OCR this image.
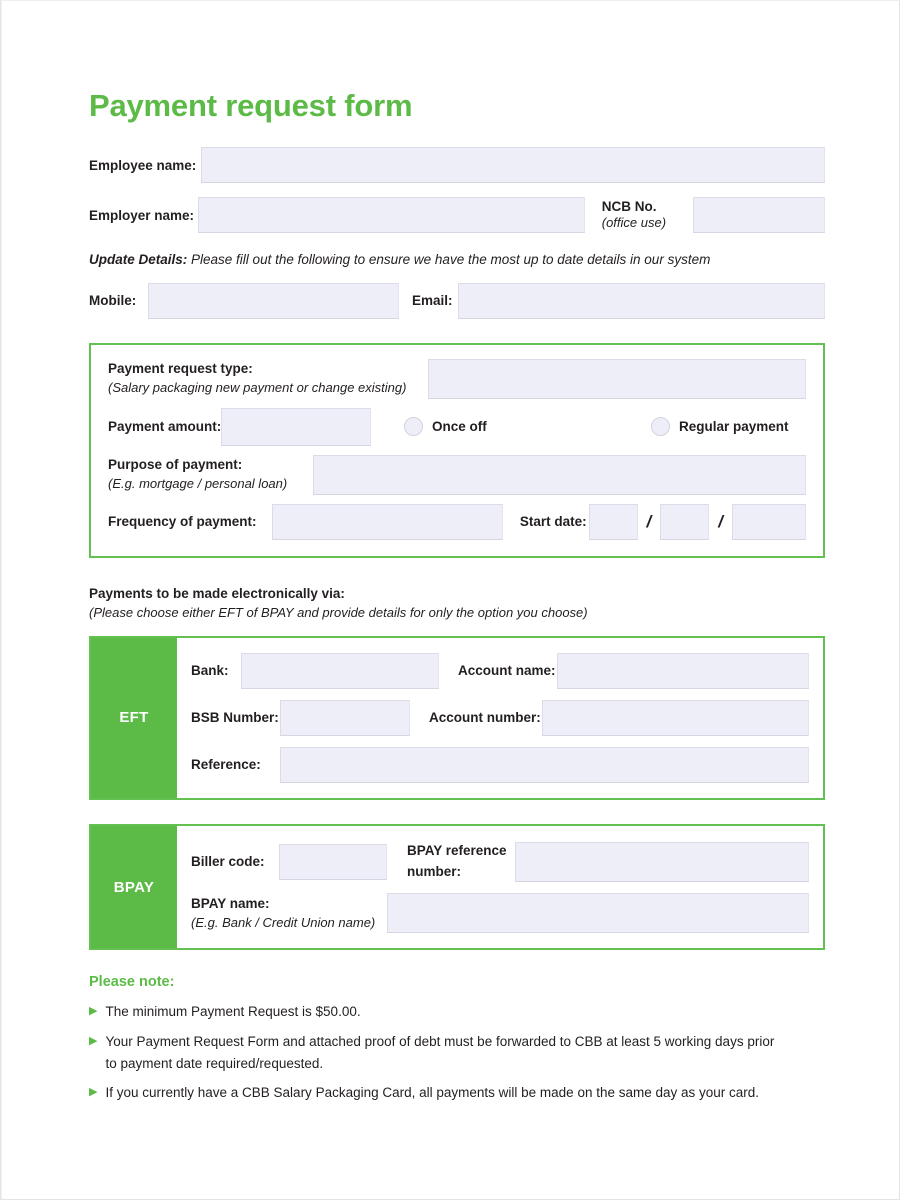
Payment request form
Employee name:
Employer name:
NCB No.
(office use)

Update Details: Please fill out the following to ensure we have the most up to date details in our system

Mobile:	Email:
Payment request type:
(Salary packaging new payment or change existing)
Payment amount:	Once off	Regular payment
Purpose of payment:
(E.g. mortgage / personal loan)
Frequency of payment:	Start date:	/	/

Payments to be made electronically via:

(Please choose either EFT of BPAY and provide details for only the option you choose)

EFT
Bank:	Account name:
BSB Number:	Account number:
Reference:
BPAY
Biller code:
BPAY reference number:
BPAY name:
(E.g. Bank / Credit Union name)

Please note:

▶ The minimum Payment Request is $50.00.
▶ Your Payment Request Form and attached proof of debt must be forwarded to CBB at least 5 working days prior to payment date required/requested.
▶ If you currently have a CBB Salary Packaging Card, all payments will be made on the same day as your card.
